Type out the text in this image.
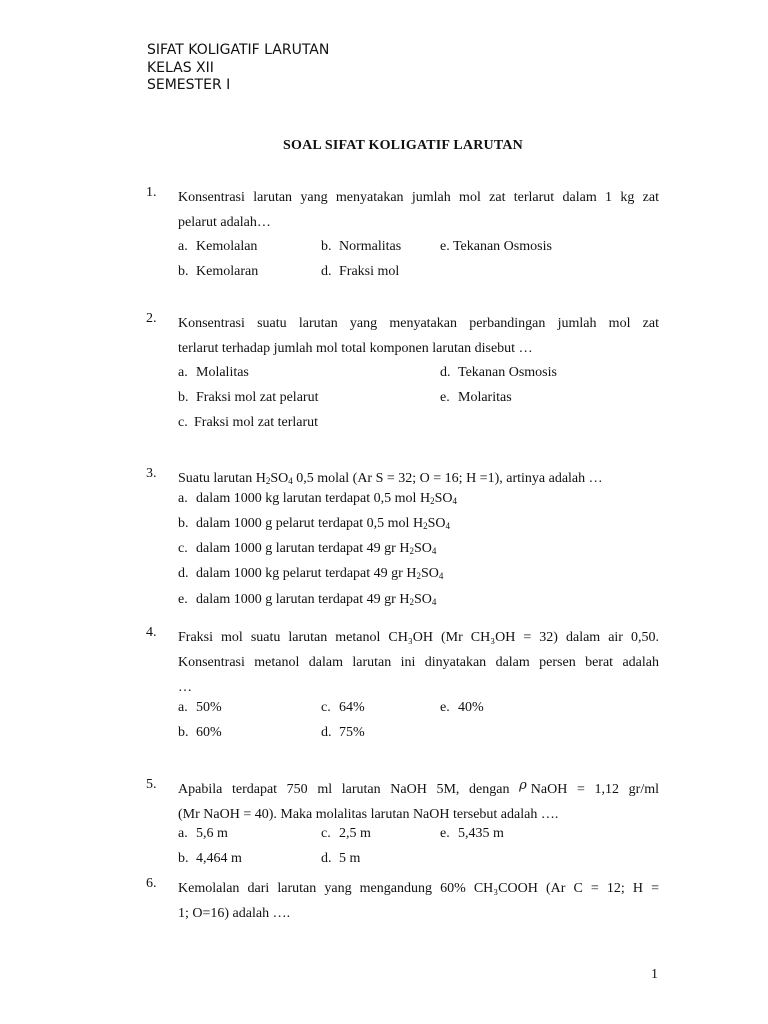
SIFAT KOLIGATIF LARUTAN
KELAS XII
SEMESTER I
SOAL SIFAT KOLIGATIF LARUTAN
1. Konsentrasi larutan yang menyatakan jumlah mol zat terlarut dalam 1 kg zat
pelarut adalah…
a. Kemolalan	b. Normalitas	e. Tekanan Osmosis
b. Kemolaran	d. Fraksi mol
2. Konsentrasi suatu larutan yang menyatakan perbandingan jumlah mol zat
terlarut terhadap jumlah mol total komponen larutan disebut …
a. Molalitas	d. Tekanan Osmosis
b. Fraksi mol zat pelarut	e. Molaritas
c. Fraksi mol zat terlarut
3. Suatu larutan $H_2SO_4$ 0,5 molal (Ar S = 32; O = 16; H =1), artinya adalah …
a. dalam 1000 kg larutan terdapat 0,5 mol $H_2SO_4$
b. dalam 1000 g pelarut terdapat 0,5 mol $H_2SO_4$
c. dalam 1000 g larutan terdapat 49 gr $H_2SO_4$
d. dalam 1000 kg pelarut terdapat 49 gr $H_2SO_4$
e. dalam 1000 g larutan terdapat 49 gr $H_2SO_4$
4. Fraksi mol suatu larutan metanol CH₃OH (Mr CH₃OH = 32) dalam air 0,50.
Konsentrasi metanol dalam larutan ini dinyatakan dalam persen berat adalah
…
a. 50%	c. 64%	e. 40%
b. 60%	d. 75%
5. Apabila terdapat 750 ml larutan NaOH 5M, dengan ρ NaOH = 1,12 gr/ml
(Mr NaOH = 40). Maka molalitas larutan NaOH tersebut adalah ….
a. 5,6 m	c. 2,5 m	e. 5,435 m
b. 4,464 m	d. 5 m
6. Kemolalan dari larutan yang mengandung 60% CH₃COOH (Ar C = 12; H =
1; O=16) adalah ….
1
